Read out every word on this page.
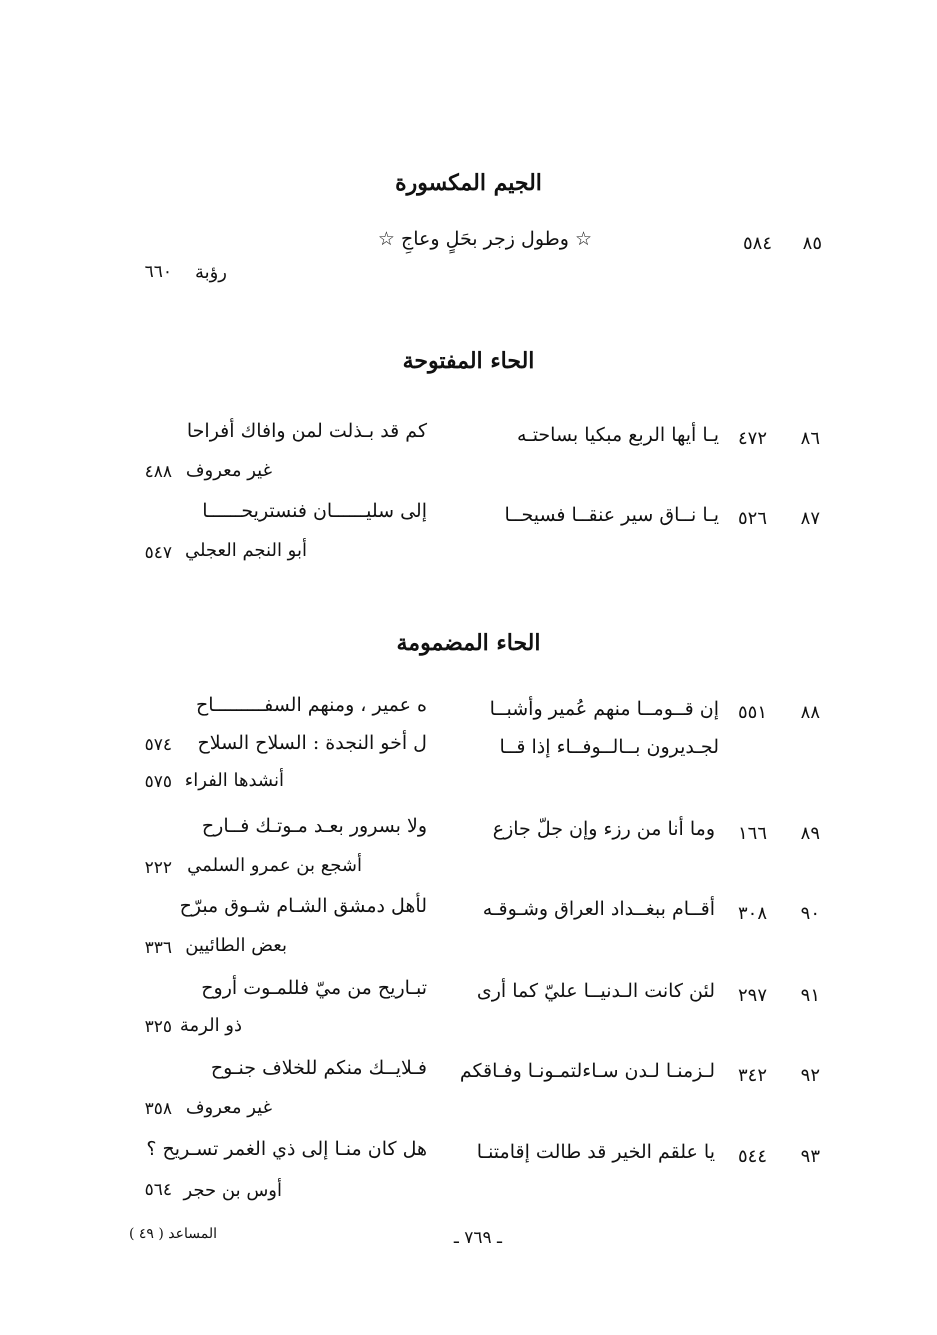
الجيم المكسورة
٨٥
٥٨٤
☆ وطول زجر بحَلٍ وعاجِ ☆
رؤبة
٦٦٠
الحاء المفتوحة
٨٦
٤٧٢
يـا أيها الربع مبكيا بساحتـه
كم قد بـذلت لمن وافاك أفراحا
غير معروف
٤٨٨
٨٧
٥٢٦
يـا نــاق سير عنقــا فسيحــا
إلى سليــــــان فنستريحــــــا
أبو النجم العجلي
٥٤٧
الحاء المضمومة
٨٨
٥٥١
إن قــومــا منهم عُمير وأشبــا
ه عمير ، ومنهم السفـــــــــاح
لجـديرون بــالــوفــاء إذا قــا
ل أخو النجدة : السلاح السلاح
٥٧٤
أنشدها الفراء
٥٧٥
٨٩
١٦٦
وما أنا من رزء وإن جلّ جازع
ولا بسرور بعـد مـوتـك فــارح
أشجع بن عمرو السلمي
٢٢٢
٩٠
٣٠٨
أقــام ببغــداد العراق وشـوقـه
لأهل دمشق الشـام شـوق مبرّح
بعض الطائيين
٣٣٦
٩١
٢٩٧
لئن كانت الـدنيــا عليّ كما أرى
تبـاريح من ميّ فللمـوت أروح
ذو الرمة
٣٢٥
٩٢
٣٤٢
لـزمنـا لـدن سـاءلتمـونـا وفـاقكم
فـلايــك منكم للخلاف جنـوح
غير معروف
٣٥٨
٩٣
٥٤٤
يا علقم الخير قد طالت إقامتنـا
هل كان منـا إلى ذي الغمر تسـريح ؟
أوس بن حجر
٥٦٤
المساعد ( ٤٩ )	ـ ٧٦٩ ـ
